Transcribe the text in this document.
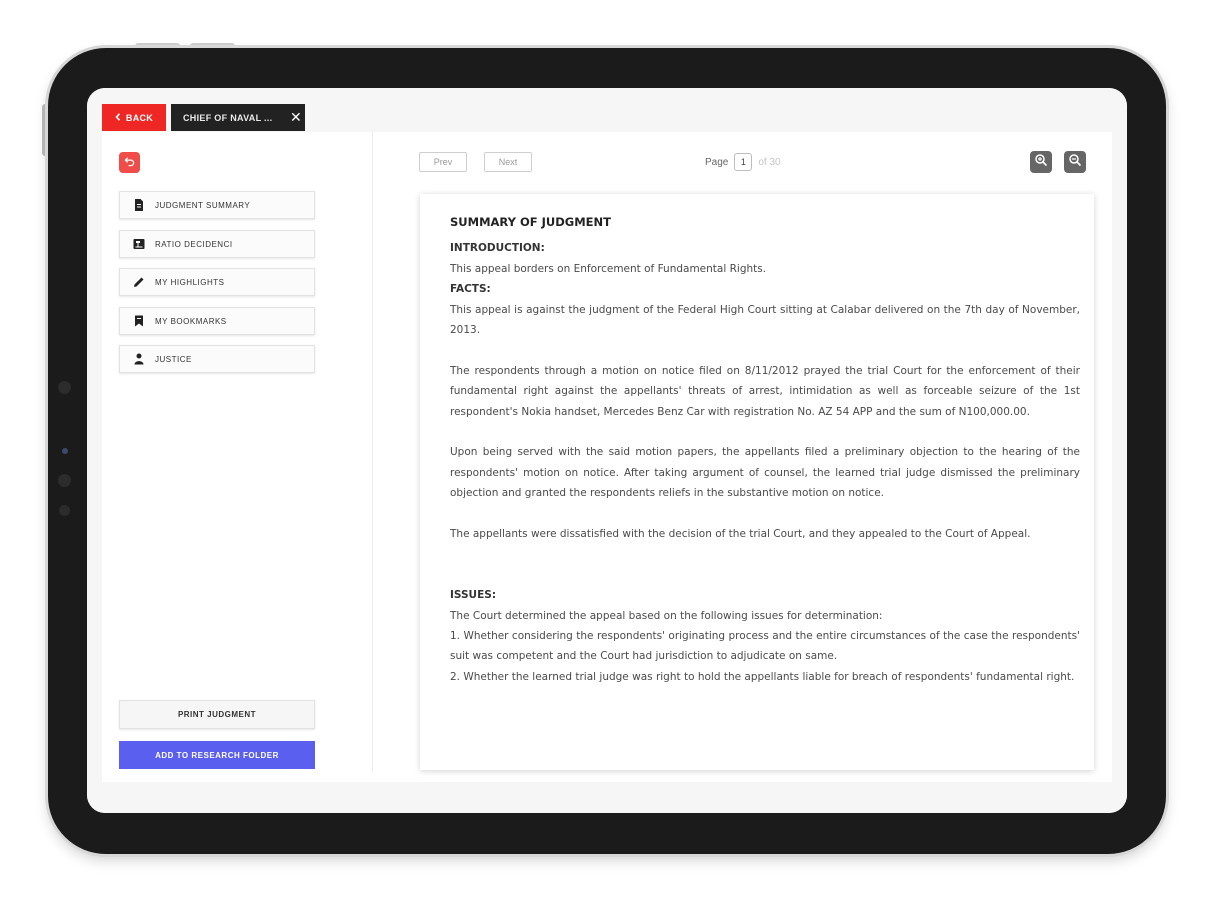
BACK	CHIEF OF NAVAL ...	✕
JUDGMENT SUMMARY
RATIO DECIDENCI
MY HIGHLIGHTS
MY BOOKMARKS
JUSTICE
PRINT JUDGMENT
ADD TO RESEARCH FOLDER
Prev	Next	Page	1	of 30
SUMMARY OF JUDGMENT
INTRODUCTION:

This appeal borders on Enforcement of Fundamental Rights.

FACTS:

This appeal is against the judgment of the Federal High Court sitting at Calabar delivered on the 7th day of November, 2013.

The respondents through a motion on notice filed on 8/11/2012 prayed the trial Court for the enforcement of their fundamental right against the appellants' threats of arrest, intimidation as well as forceable seizure of the 1st respondent's Nokia handset, Mercedes Benz Car with registration No. AZ 54 APP and the sum of N100,000.00.

Upon being served with the said motion papers, the appellants filed a preliminary objection to the hearing of the respondents' motion on notice. After taking argument of counsel, the learned trial judge dismissed the preliminary objection and granted the respondents reliefs in the substantive motion on notice.

The appellants were dissatisfied with the decision of the trial Court, and they appealed to the Court of Appeal.

ISSUES:

The Court determined the appeal based on the following issues for determination:

1. Whether considering the respondents' originating process and the entire circumstances of the case the respondents' suit was competent and the Court had jurisdiction to adjudicate on same.

2. Whether the learned trial judge was right to hold the appellants liable for breach of respondents' fundamental right.
